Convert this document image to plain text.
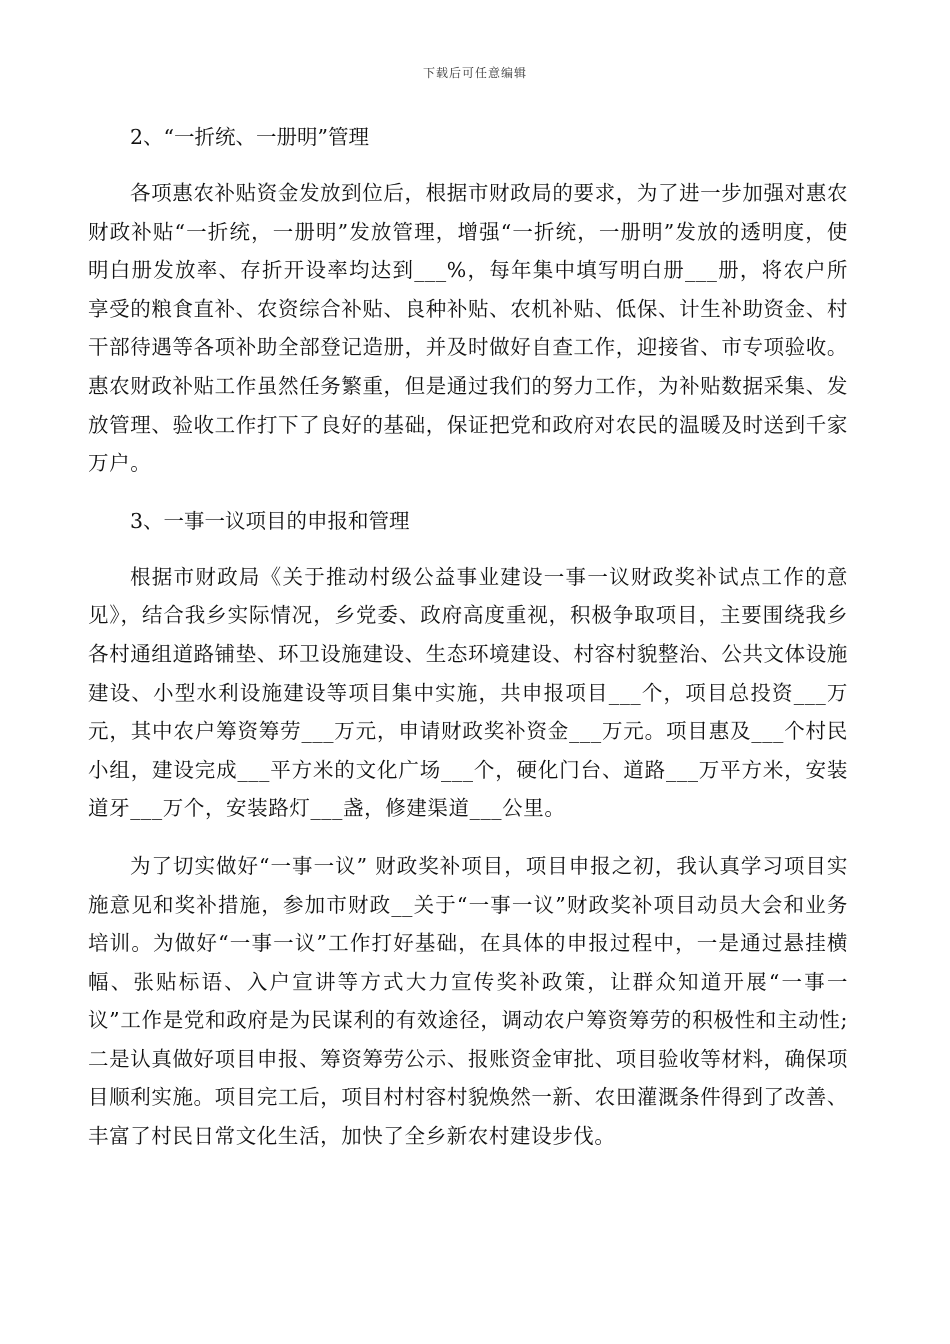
下载后可任意编辑

2、“一折统、一册明”管理

各项惠农补贴资金发放到位后，根据市财政局的要求，为了进一步加强对惠农财政补贴“一折统，一册明”发放管理，增强“一折统，一册明”发放的透明度，使明白册发放率、存折开设率均达到___%，每年集中填写明白册___册，将农户所享受的粮食直补、农资综合补贴、良种补贴、农机补贴、低保、计生补助资金、村干部待遇等各项补助全部登记造册，并及时做好自查工作，迎接省、市专项验收。惠农财政补贴工作虽然任务繁重，但是通过我们的努力工作，为补贴数据采集、发放管理、验收工作打下了良好的基础，保证把党和政府对农民的温暖及时送到千家万户。

3、一事一议项目的申报和管理

根据市财政局《关于推动村级公益事业建设一事一议财政奖补试点工作的意见》，结合我乡实际情况，乡党委、政府高度重视，积极争取项目，主要围绕我乡各村通组道路铺垫、环卫设施建设、生态环境建设、村容村貌整治、公共文体设施建设、小型水利设施建设等项目集中实施，共申报项目___个，项目总投资___万元，其中农户筹资筹劳___万元，申请财政奖补资金___万元。项目惠及___个村民小组，建设完成___平方米的文化广场___个，硬化门台、道路___万平方米，安装道牙___万个，安装路灯___盏，修建渠道___公里。

为了切实做好“一事一议” 财政奖补项目，项目申报之初，我认真学习项目实施意见和奖补措施，参加市财政__关于“一事一议”财政奖补项目动员大会和业务培训。为做好“一事一议”工作打好基础，在具体的申报过程中，一是通过悬挂横幅、张贴标语、入户宣讲等方式大力宣传奖补政策，让群众知道开展“一事一议”工作是党和政府是为民谋利的有效途径，调动农户筹资筹劳的积极性和主动性;二是认真做好项目申报、筹资筹劳公示、报账资金审批、项目验收等材料，确保项目顺利实施。项目完工后，项目村村容村貌焕然一新、农田灌溉条件得到了改善、丰富了村民日常文化生活，加快了全乡新农村建设步伐。
